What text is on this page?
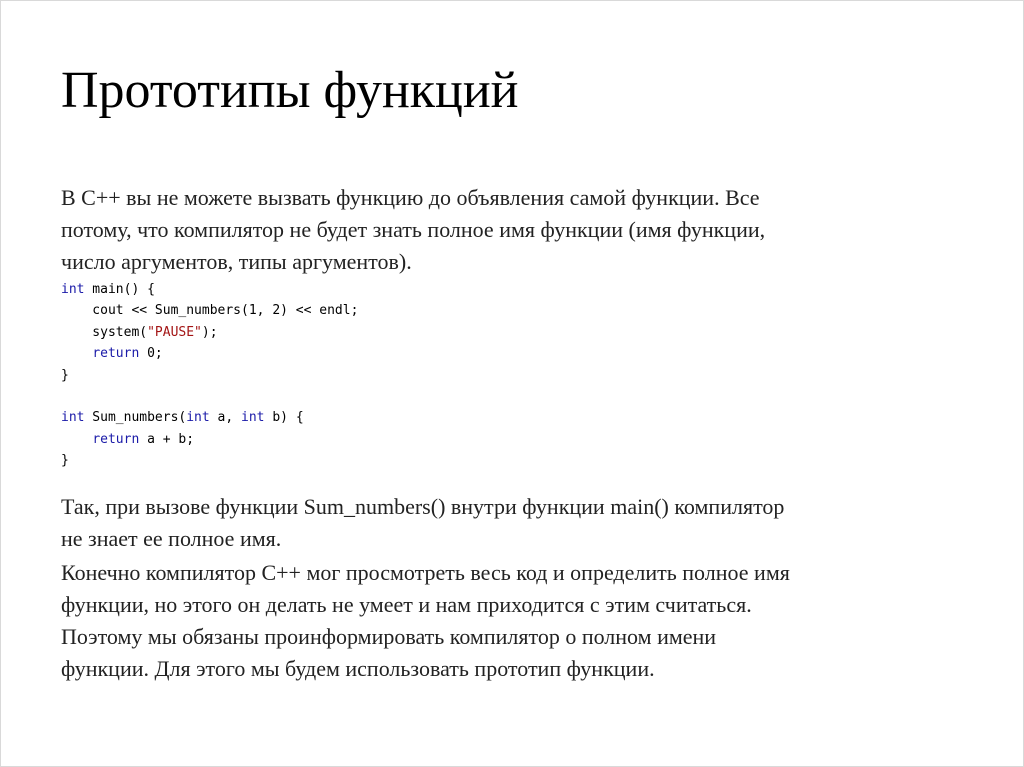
Прототипы функций

В С++ вы не можете вызвать функцию до объявления самой функции. Все
потому, что компилятор не будет знать полное имя функции (имя функции,
число аргументов, типы аргументов).

int main() {
cout << Sum_numbers(1, 2) << endl;
system("PAUSE");
return 0;
}
int Sum_numbers(int a, int b) {
return a + b;
}

Так, при вызове функции Sum_numbers() внутри функции main() компилятор
не знает ее полное имя.

Конечно компилятор С++ мог просмотреть весь код и определить полное имя
функции, но этого он делать не умеет и нам приходится с этим считаться.

Поэтому мы обязаны проинформировать компилятор о полном имени
функции. Для этого мы будем использовать прототип функции.
